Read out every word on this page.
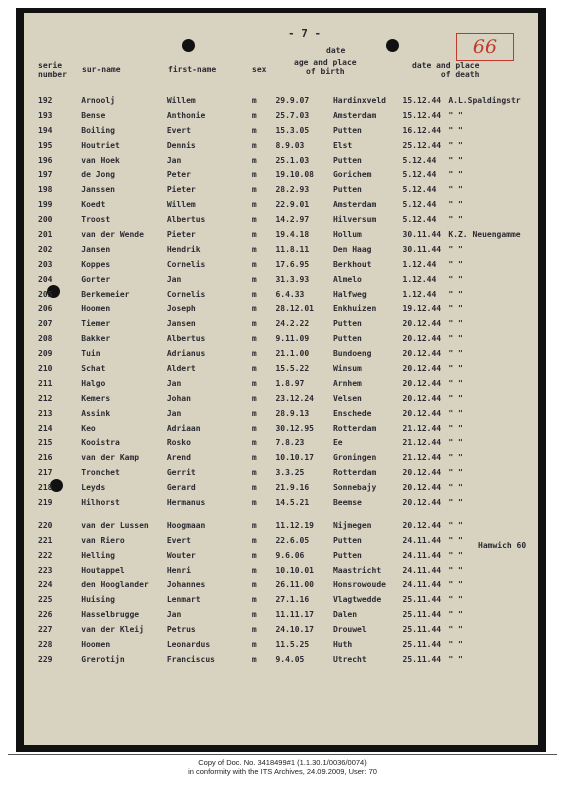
- 7 -
66
serie
number
sur-name	first-name	sex
date
age and place
of birth
date and place
of death
192	Arnoolj	Willem	m	29.9.07	Hardinxveld	15.12.44	A.L.Spaldingstr
193	Bense	Anthonie	m	25.7.03	Amsterdam	15.12.44	" "
194	Boiling	Evert	m	15.3.05	Putten	16.12.44	" "
195	Houtriet	Dennis	m	8.9.03	Elst	25.12.44	" "
196	van Hoek	Jan	m	25.1.03	Putten	5.12.44	" "
197	de Jong	Peter	m	19.10.08	Gorichem	5.12.44	" "
198	Janssen	Pieter	m	28.2.93	Putten	5.12.44	" "
199	Koedt	Willem	m	22.9.01	Amsterdam	5.12.44	" "
200	Troost	Albertus	m	14.2.97	Hilversum	5.12.44	" "
201	van der Wende	Pieter	m	19.4.18	Hollum	30.11.44	K.Z. Neuengamme
202	Jansen	Hendrik	m	11.8.11	Den Haag	30.11.44	" "
203	Koppes	Cornelis	m	17.6.95	Berkhout	1.12.44	" "
204	Gorter	Jan	m	31.3.93	Almelo	1.12.44	" "
205	Berkemeier	Cornelis	m	6.4.33	Halfweg	1.12.44	" "
206	Hoomen	Joseph	m	28.12.01	Enkhuizen	19.12.44	" "
207	Tiemer	Jansen	m	24.2.22	Putten	20.12.44	" "
208	Bakker	Albertus	m	9.11.09	Putten	20.12.44	" "
209	Tuin	Adrianus	m	21.1.00	Bundoeng	20.12.44	" "
210	Schat	Aldert	m	15.5.22	Winsum	20.12.44	" "
211	Halgo	Jan	m	1.8.97	Arnhem	20.12.44	" "
212	Kemers	Johan	m	23.12.24	Velsen	20.12.44	" "
213	Assink	Jan	m	28.9.13	Enschede	20.12.44	" "
214	Keo	Adriaan	m	30.12.95	Rotterdam	21.12.44	" "
215	Kooistra	Rosko	m	7.8.23	Ee	21.12.44	" "
216	van der Kamp	Arend	m	10.10.17	Groningen	21.12.44	" "
217	Tronchet	Gerrit	m	3.3.25	Rotterdam	20.12.44	" "
218	Leyds	Gerard	m	21.9.16	Sonnebajy	20.12.44	" "
219	Hilhorst	Hermanus	m	14.5.21	Beemse	20.12.44	" "
220	van der Lussen	Hoogmaan	m	11.12.19	Nijmegen	20.12.44	" "
221	van Riero	Evert	m	22.6.05	Putten	24.11.44	" "
222	Helling	Wouter	m	9.6.06	Putten	24.11.44	" "
223	Houtappel	Henri	m	10.10.01	Maastricht	24.11.44	" "
224	den Hooglander	Johannes	m	26.11.00	Honsrowoude	24.11.44	" "
225	Huising	Lenmart	m	27.1.16	Vlagtwedde	25.11.44	" "
226	Hasselbrugge	Jan	m	11.11.17	Dalen	25.11.44	" "
227	van der Kleij	Petrus	m	24.10.17	Drouwel	25.11.44	" "
228	Hoomen	Leonardus	m	11.5.25	Huth	25.11.44	" "
229	Grerotijn	Franciscus	m	9.4.05	Utrecht	25.11.44	" "
Hamwich 60
Copy of Doc. No. 3418499#1 (1.1.30.1/0036/0074)
in conformity with the ITS Archives, 24.09.2009, User: 70
